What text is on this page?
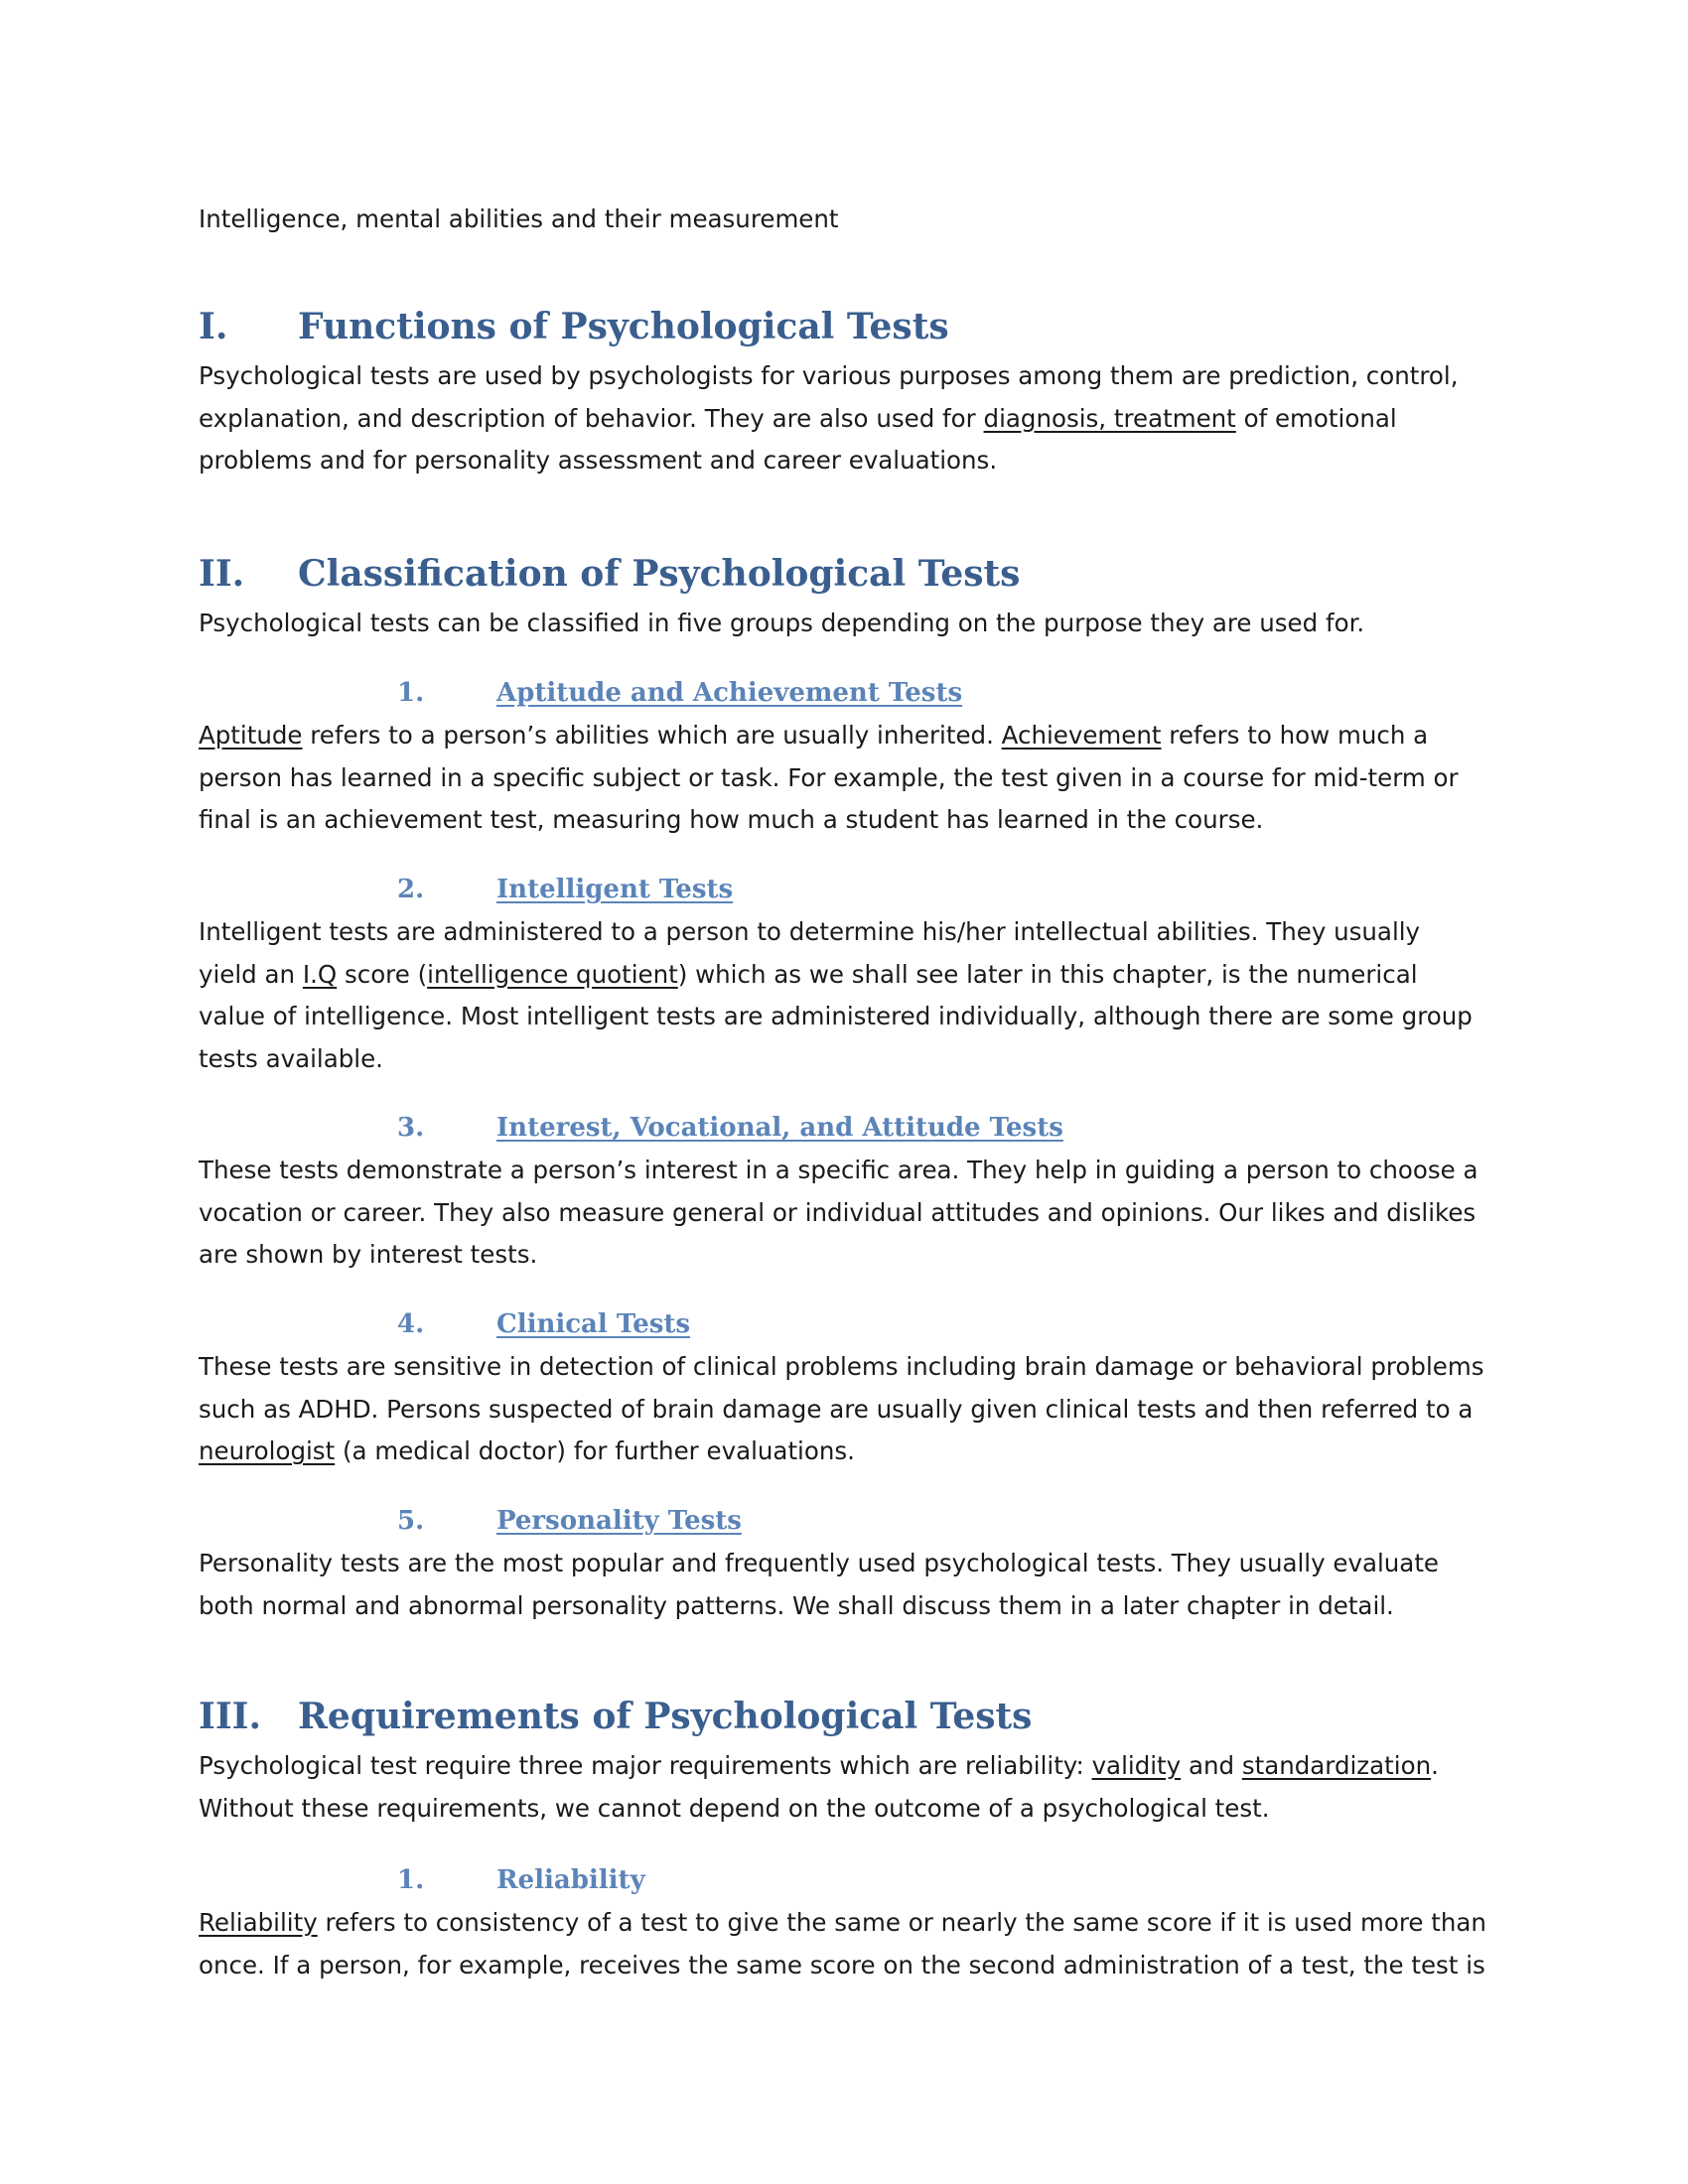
Intelligence, mental abilities and their measurement
I. Functions of Psychological Tests

Psychological tests are used by psychologists for various purposes among them are prediction, control,

explanation, and description of behavior. They are also used for diagnosis, treatment of emotional

problems and for personality assessment and career evaluations.

II. Classification of Psychological Tests

Psychological tests can be classified in five groups depending on the purpose they are used for.

1.	Aptitude and Achievement Tests

Aptitude refers to a person’s abilities which are usually inherited. Achievement refers to how much a

person has learned in a specific subject or task. For example, the test given in a course for mid-term or

final is an achievement test, measuring how much a student has learned in the course.

2.	Intelligent Tests

Intelligent tests are administered to a person to determine his/her intellectual abilities. They usually

yield an I.Q score (intelligence quotient) which as we shall see later in this chapter, is the numerical

value of intelligence. Most intelligent tests are administered individually, although there are some group

tests available.

3.	Interest, Vocational, and Attitude Tests

These tests demonstrate a person’s interest in a specific area. They help in guiding a person to choose a

vocation or career. They also measure general or individual attitudes and opinions. Our likes and dislikes

are shown by interest tests.

4.	Clinical Tests

These tests are sensitive in detection of clinical problems including brain damage or behavioral problems

such as ADHD. Persons suspected of brain damage are usually given clinical tests and then referred to a

neurologist (a medical doctor) for further evaluations.

5.	Personality Tests

Personality tests are the most popular and frequently used psychological tests. They usually evaluate

both normal and abnormal personality patterns. We shall discuss them in a later chapter in detail.

III. Requirements of Psychological Tests

Psychological test require three major requirements which are reliability: validity and standardization.

Without these requirements, we cannot depend on the outcome of a psychological test.

1.	Reliability

Reliability refers to consistency of a test to give the same or nearly the same score if it is used more than

once. If a person, for example, receives the same score on the second administration of a test, the test is
